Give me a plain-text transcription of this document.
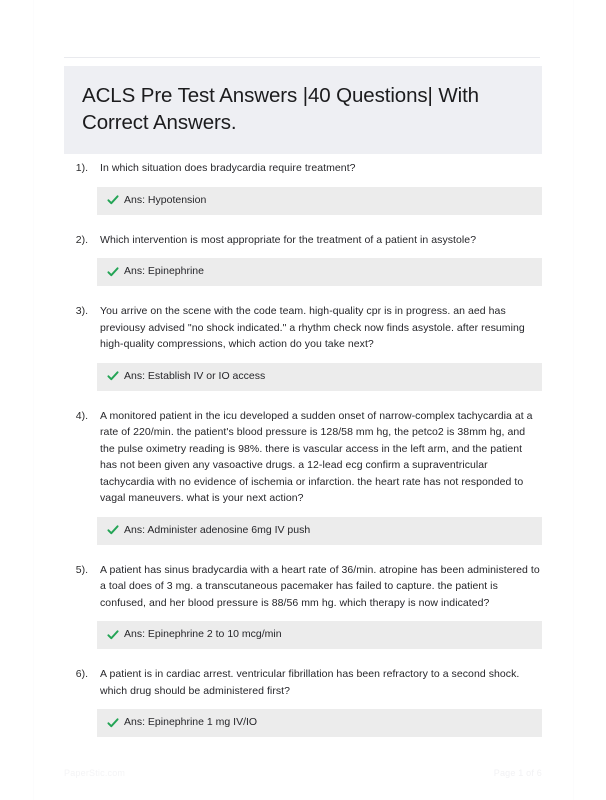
ACLS Pre Test Answers |40 Questions| With Correct Answers.
1).	In which situation does bradycardia require treatment?
Ans: Hypotension
2).	Which intervention is most appropriate for the treatment of a patient in asystole?
Ans: Epinephrine
3).	You arrive on the scene with the code team. high-quality cpr is in progress. an aed has previousy advised "no shock indicated." a rhythm check now finds asystole. after resuming high-quality compressions, which action do you take next?
Ans: Establish IV or IO access
4).	A monitored patient in the icu developed a sudden onset of narrow-complex tachycardia at a rate of 220/min. the patient's blood pressure is 128/58 mm hg, the petco2 is 38mm hg, and the pulse oximetry reading is 98%. there is vascular access in the left arm, and the patient has not been given any vasoactive drugs. a 12-lead ecg confirm a supraventricular tachycardia with no evidence of ischemia or infarction. the heart rate has not responded to vagal maneuvers. what is your next action?
Ans: Administer adenosine 6mg IV push
5).	A patient has sinus bradycardia with a heart rate of 36/min. atropine has been administered to a toal does of 3 mg. a transcutaneous pacemaker has failed to capture. the patient is confused, and her blood pressure is 88/56 mm hg. which therapy is now indicated?
Ans: Epinephrine 2 to 10 mcg/min
6).	A patient is in cardiac arrest. ventricular fibrillation has been refractory to a second shock. which drug should be administered first?
Ans: Epinephrine 1 mg IV/IO
PaperStic.com	Page 1 of 6
